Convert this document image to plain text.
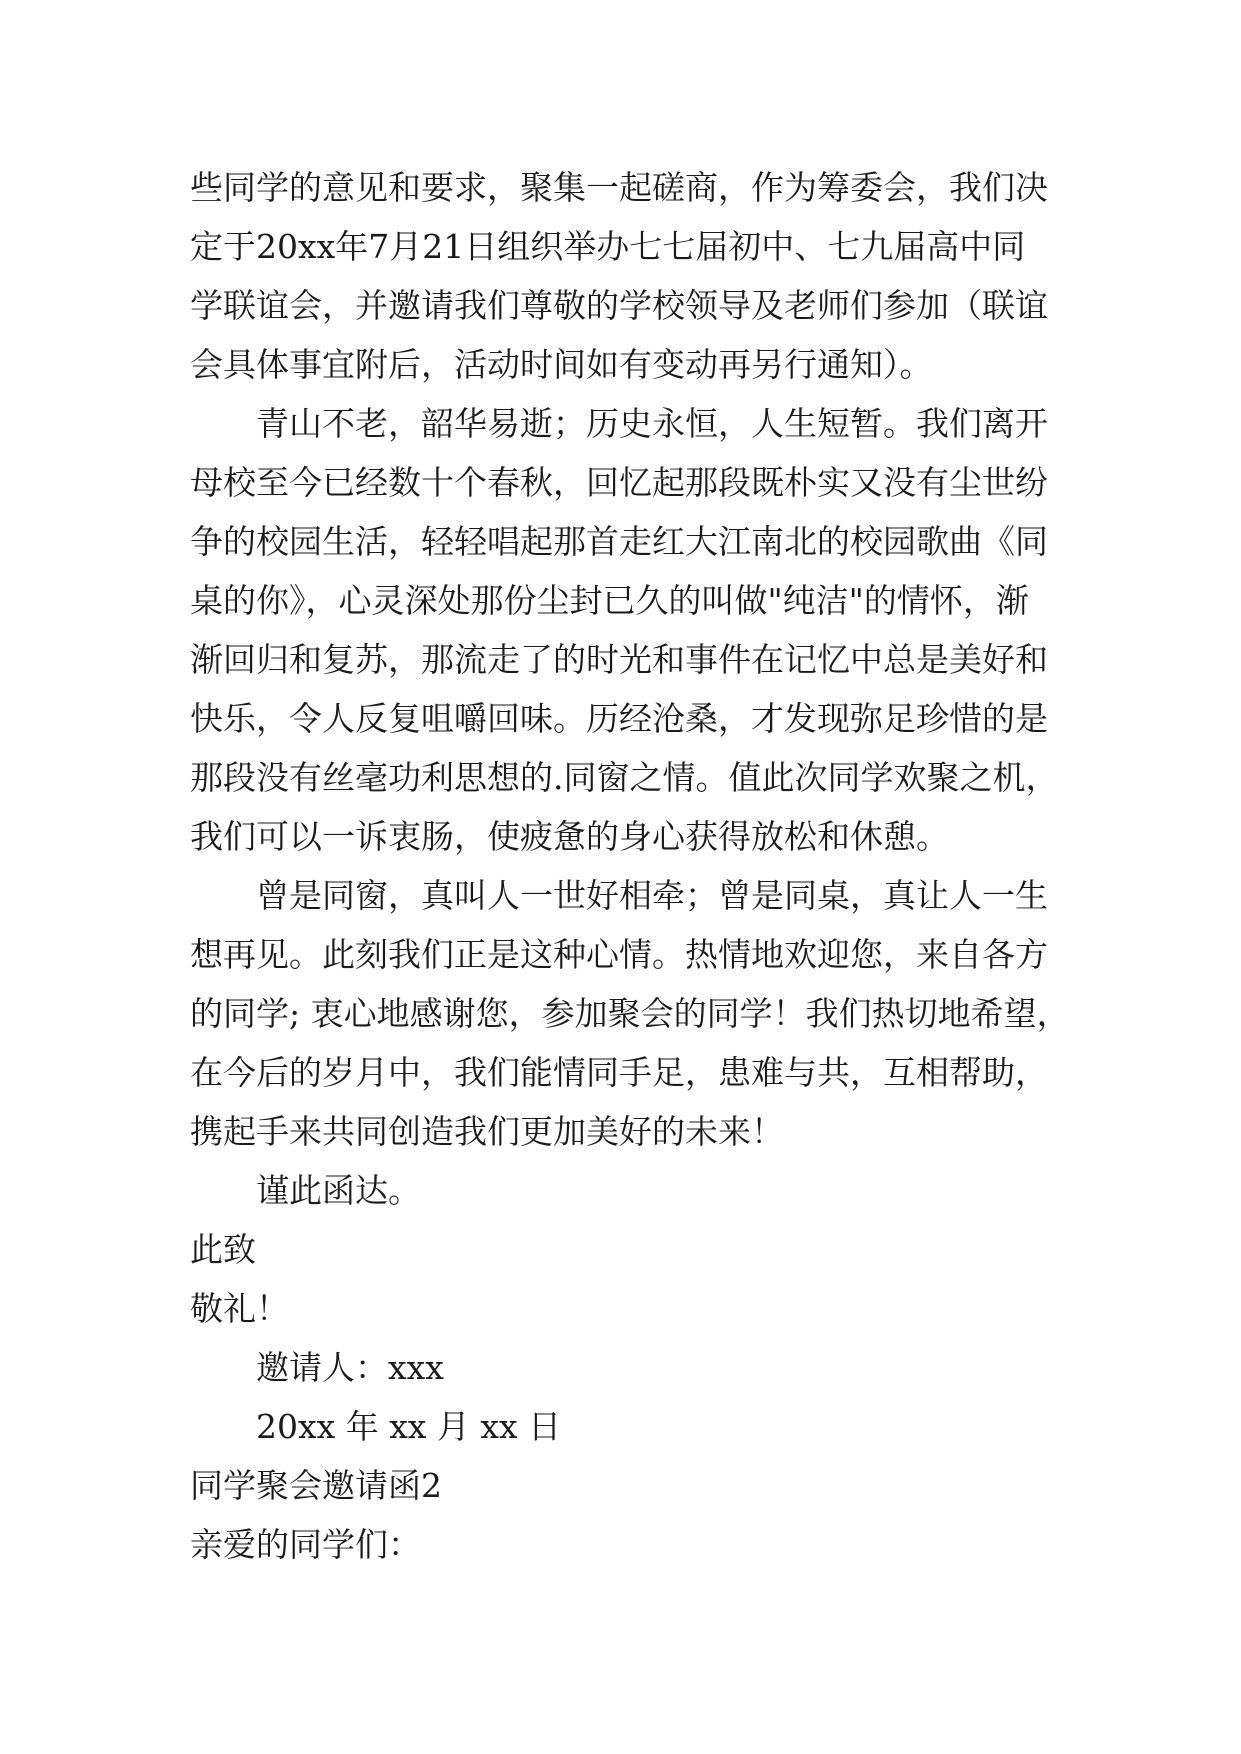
些同学的意见和要求，聚集一起磋商，作为筹委会，我们决
定于20xx年7月21日组织举办七七届初中、七九届高中同
学联谊会，并邀请我们尊敬的学校领导及老师们参加（联谊
会具体事宜附后，活动时间如有变动再另行通知）。
青山不老，韶华易逝；历史永恒，人生短暂。我们离开
母校至今已经数十个春秋，回忆起那段既朴实又没有尘世纷
争的校园生活，轻轻唱起那首走红大江南北的校园歌曲《同
桌的你》，心灵深处那份尘封已久的叫做"纯洁"的情怀，渐
渐回归和复苏，那流走了的时光和事件在记忆中总是美好和
快乐，令人反复咀嚼回味。历经沧桑，才发现弥足珍惜的是
那段没有丝毫功利思想的.同窗之情。值此次同学欢聚之机，
我们可以一诉衷肠，使疲惫的身心获得放松和休憩。
曾是同窗，真叫人一世好相牵；曾是同桌，真让人一生
想再见。此刻我们正是这种心情。热情地欢迎您，来自各方
的同学; 衷心地感谢您，参加聚会的同学！我们热切地希望，
在今后的岁月中，我们能情同手足，患难与共，互相帮助，
携起手来共同创造我们更加美好的未来！
谨此函达。
此致
敬礼！
邀请人：xxx
20xx 年 xx 月 xx 日
同学聚会邀请函2
亲爱的同学们：
